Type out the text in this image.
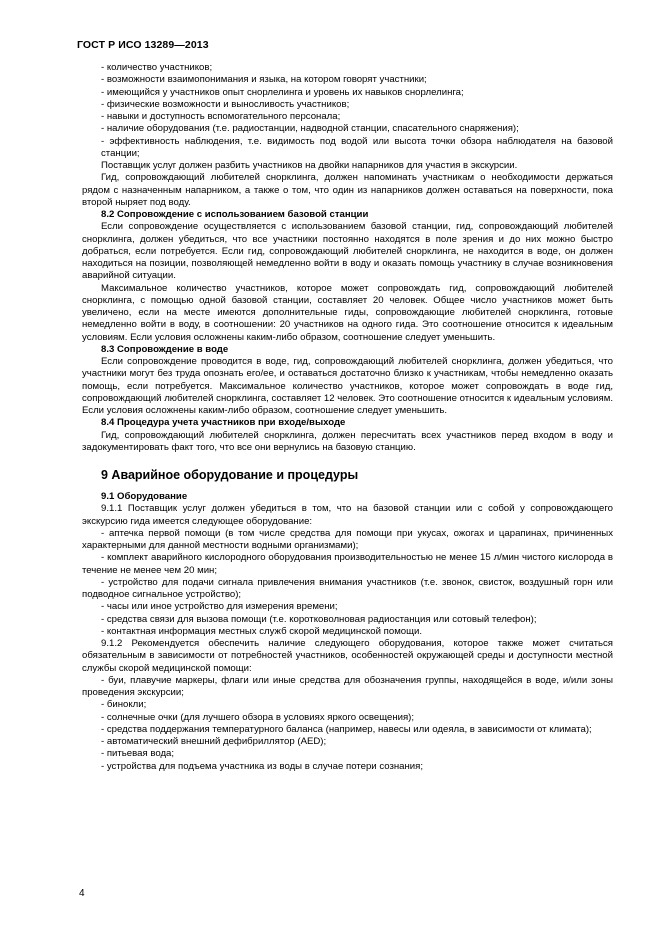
ГОСТ Р ИСО 13289—2013

- количество участников;

- возможности взаимопонимания и языка, на котором говорят участники;

- имеющийся у участников опыт снорлелинга и уровень их навыков снорлелинга;

- физические возможности и выносливость участников;

- навыки и доступность вспомогательного персонала;

- наличие оборудования (т.е. радиостанции, надводной станции, спасательного снаряжения);

- эффективность наблюдения, т.е. видимость под водой или высота точки обзора наблюдателя на базовой станции;

Поставщик услуг должен разбить участников на двойки напарников для участия в экскурсии.

Гид, сопровождающий любителей снорклинга, должен напоминать участникам о необходимости держаться рядом с назначенным напарником, а также о том, что один из напарников должен оставаться на поверхности, пока второй ныряет под воду.

8.2 Сопровождение с использованием базовой станции

Если сопровождение осуществляется с использованием базовой станции, гид, сопровождающий любителей снорклинга, должен убедиться, что все участники постоянно находятся в поле зрения и до них можно быстро добраться, если потребуется. Если гид, сопровождающий любителей снорклинга, не находится в воде, он должен находиться на позиции, позволяющей немедленно войти в воду и оказать помощь участнику в случае возникновения аварийной ситуации.

Максимальное количество участников, которое может сопровождать гид, сопровождающий любителей снорклинга, с помощью одной базовой станции, составляет 20 человек. Общее число участников может быть увеличено, если на месте имеются дополнительные гиды, сопровождающие любителей снорклинга, готовые немедленно войти в воду, в соотношении: 20 участников на одного гида. Это соотношение относится к идеальным условиям. Если условия осложнены каким-либо образом, соотношение следует уменьшить.

8.3 Сопровождение в воде

Если сопровождение проводится в воде, гид, сопровождающий любителей снорклинга, должен убедиться, что участники могут без труда опознать его/ее, и оставаться достаточно близко к участникам, чтобы немедленно оказать помощь, если потребуется. Максимальное количество участников, которое может сопровождать в воде гид, сопровождающий любителей снорклинга, составляет 12 человек. Это соотношение относится к идеальным условиям. Если условия осложнены каким-либо образом, соотношение следует уменьшить.

8.4 Процедура учета участников при входе/выходе

Гид, сопровождающий любителей снорклинга, должен пересчитать всех участников перед входом в воду и задокументировать факт того, что все они вернулись на базовую станцию.

9 Аварийное оборудование и процедуры

9.1 Оборудование

9.1.1 Поставщик услуг должен убедиться в том, что на базовой станции или с собой у сопровождающего экскурсию гида имеется следующее оборудование:

- аптечка первой помощи (в том числе средства для помощи при укусах, ожогах и царапинах, причиненных характерными для данной местности водными организмами);

- комплект аварийного кислородного оборудования производительностью не менее 15 л/мин чистого кислорода в течение не менее чем 20 мин;

- устройство для подачи сигнала привлечения внимания участников (т.е. звонок, свисток, воздушный горн или подводное сигнальное устройство);

- часы или иное устройство для измерения времени;

- средства связи для вызова помощи (т.е. коротковолновая радиостанция или сотовый телефон);

- контактная информация местных служб скорой медицинской помощи.

9.1.2 Рекомендуется обеспечить наличие следующего оборудования, которое также может считаться обязательным в зависимости от потребностей участников, особенностей окружающей среды и доступности местной службы скорой медицинской помощи:

- буи, плавучие маркеры, флаги или иные средства для обозначения группы, находящейся в воде, и/или зоны проведения экскурсии;

- бинокли;

- солнечные очки (для лучшего обзора в условиях яркого освещения);

- средства поддержания температурного баланса (например, навесы или одеяла, в зависимости от климата);

- автоматический внешний дефибриллятор (AED);

- питьевая вода;

- устройства для подъема участника из воды в случае потери сознания;

4
